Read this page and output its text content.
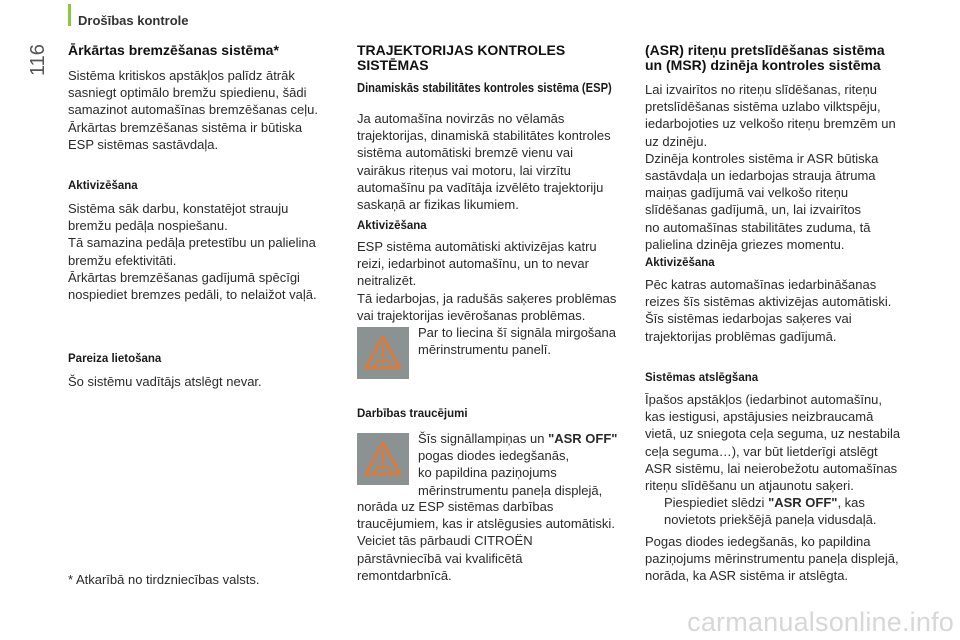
Drošības kontrole
116 Ārkārtas bremzēšanas sistēma*

Sistēma kritiskos apstākļos palīdz ātrāk
sasniegt optimālo bremžu spiedienu, šādi
samazinot automašīnas bremzēšanas ceļu.
Ārkārtas bremzēšanas sistēma ir būtiska
ESP sistēmas sastāvdaļa.

Aktivizēšana

Sistēma sāk darbu, konstatējot strauju
bremžu pedāļa nospiešanu.
Tā samazina pedāļa pretestību un palielina
bremžu efektivitāti.
Ārkārtas bremzēšanas gadījumā spēcīgi
nospiediet bremzes pedāli, to nelaižot vaļā.

Pareiza lietošana

Šo sistēmu vadītājs atslēgt nevar.

* Atkarībā no tirdzniecības valsts.
TRAJEKTORIJAS KONTROLES
SISTĒMAS
Dinamiskās stabilitātes kontroles sistēma (ESP)

Ja automašīna novirzās no vēlamās
trajektorijas, dinamiskā stabilitātes kontroles
sistēma automātiski bremzē vienu vai
vairākus riteņus vai motoru, lai virzītu
automašīnu pa vadītāja izvēlēto trajektoriju
saskaņā ar fizikas likumiem.

Aktivizēšana

ESP sistēma automātiski aktivizējas katru
reizi, iedarbinot automašīnu, un to nevar
neitralizēt.
Tā iedarbojas, ja radušās saķeres problēmas
vai trajektorijas ievērošanas problēmas.

Par to liecina šī signāla mirgošana
mērinstrumentu panelī.

Darbības traucējumi

Šīs signāllampiņas un "ASR OFF"
pogas diodes iedegšanās,
ko papildina paziņojums
mērinstrumentu paneļa displejā,

norāda uz ESP sistēmas darbības
traucējumiem, kas ir atslēgusies automātiski.
Veiciet tās pārbaudi CITROËN
pārstāvniecībā vai kvalificētā
remontdarbnīcā.

(ASR) riteņu pretslīdēšanas sistēma
un (MSR) dzinēja kontroles sistēma

Lai izvairītos no riteņu slīdēšanas, riteņu
pretslīdēšanas sistēma uzlabo vilktspēju,
iedarbojoties uz velkošo riteņu bremzēm un
uz dzinēju.
Dzinēja kontroles sistēma ir ASR būtiska
sastāvdaļa un iedarbojas strauja ātruma
maiņas gadījumā vai velkošo riteņu
slīdēšanas gadījumā, un, lai izvairītos
no automašīnas stabilitātes zuduma, tā
palielina dzinēja griezes momentu.

Aktivizēšana

Pēc katras automašīnas iedarbināšanas
reizes šīs sistēmas aktivizējas automātiski.
Šīs sistēmas iedarbojas saķeres vai
trajektorijas problēmas gadījumā.

Sistēmas atslēgšana

Īpašos apstākļos (iedarbinot automašīnu,
kas iestigusi, apstājusies neizbraucamā
vietā, uz sniegota ceļa seguma, uz nestabila
ceļa seguma…), var būt lietderīgi atslēgt
ASR sistēmu, lai neierobežotu automašīnas
riteņu slīdēšanu un atjaunotu saķeri.

Piespiediet slēdzi "ASR OFF", kas
novietots priekšējā paneļa vidusdaļā.

Pogas diodes iedegšanās, ko papildina
paziņojums mērinstrumentu paneļa displejā,
norāda, ka ASR sistēma ir atslēgta.

carmanualsonline.info
